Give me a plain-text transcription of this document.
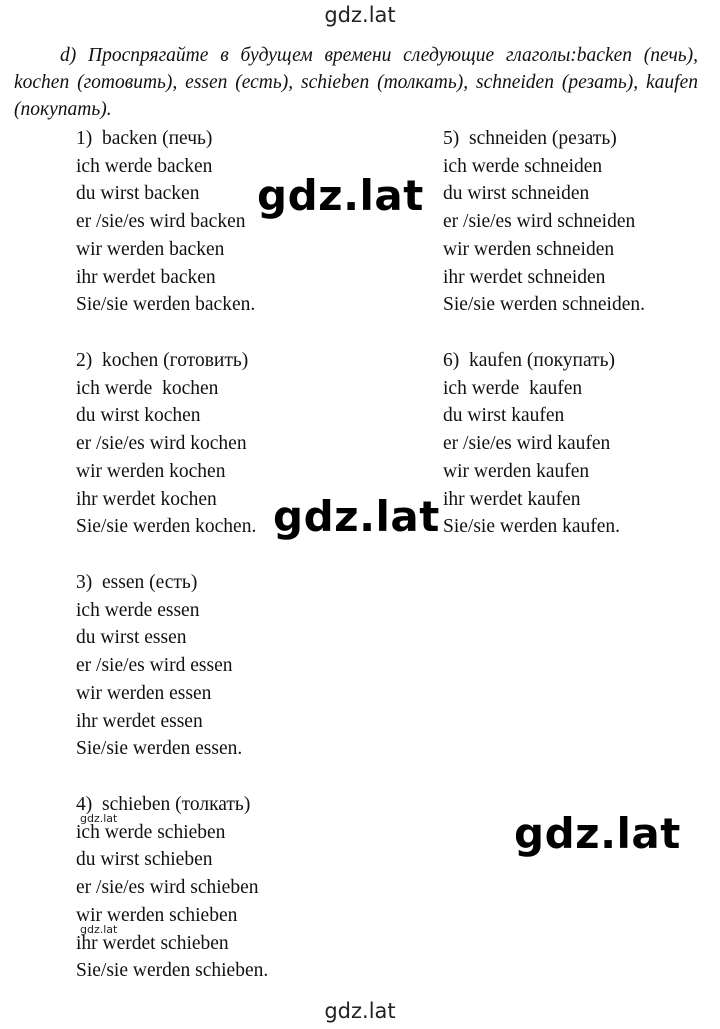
gdz.lat
d) Проспрягайте в будущем времени следующие глаголы:backen (печь), kochen (готовить), essen (есть), schieben (толкать), schneiden (резать), kaufen (покупать).
1) backen (печь)
ich werde backen
du wirst backen
er /sie/es wird backen
wir werden backen
ihr werdet backen
Sie/sie werden backen.
2) kochen (готовить)
ich werde  kochen
du wirst kochen
er /sie/es wird kochen
wir werden kochen
ihr werdet kochen
Sie/sie werden kochen.
3) essen (есть)
ich werde essen
du wirst essen
er /sie/es wird essen
wir werden essen
ihr werdet essen
Sie/sie werden essen.
4) schieben (толкать)
ich werde schieben
du wirst schieben
er /sie/es wird schieben
wir werden schieben
ihr werdet schieben
Sie/sie werden schieben.
5) schneiden (резать)
ich werde schneiden
du wirst schneiden
er /sie/es wird schneiden
wir werden schneiden
ihr werdet schneiden
Sie/sie werden schneiden.
6) kaufen (покупать)
ich werde  kaufen
du wirst kaufen
er /sie/es wird kaufen
wir werden kaufen
ihr werdet kaufen
Sie/sie werden kaufen.
gdz.lat
gdz.lat
gdz.lat
gdz.lat
gdz.lat
gdz.lat
